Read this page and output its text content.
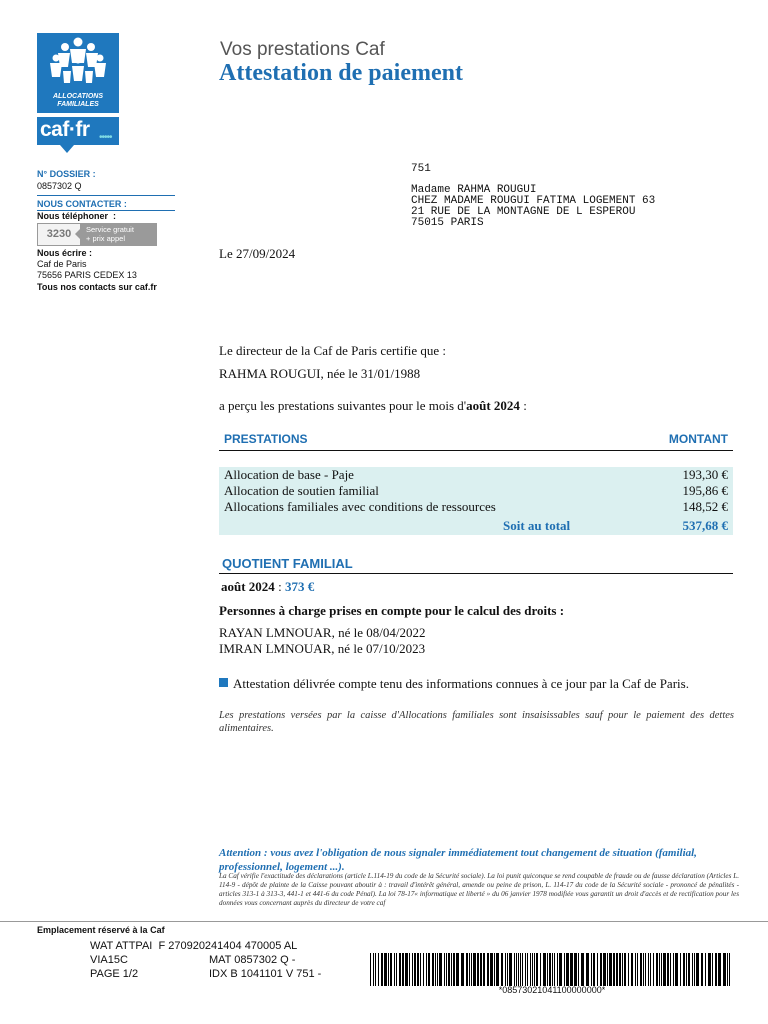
ALLOCATIONS
FAMILIALES
caf·fr •••••
Vos prestations Caf
Attestation de paiement
N° DOSSIER :
0857302 Q
NOUS CONTACTER :
Nous téléphoner  :
3230	Service gratuit
+ prix appel
Nous écrire :
Caf de Paris
75656 PARIS CEDEX 13
Tous nos contacts sur caf.fr
751
Madame RAHMA ROUGUI
CHEZ MADAME ROUGUI FATIMA LOGEMENT 63
21 RUE DE LA MONTAGNE DE L ESPEROU
75015 PARIS
Le 27/09/2024
Le directeur de la Caf de Paris certifie que :
RAHMA ROUGUI, née le 31/01/1988
a perçu les prestations suivantes pour le mois d'août 2024 :
PRESTATIONS	MONTANT
Allocation de base - Paje	193,30 €
Allocation de soutien familial	195,86 €
Allocations familiales avec conditions de ressources	148,52 €
Soit au total	537,68 €
QUOTIENT FAMILIAL
août 2024 : 373 €
Personnes à charge prises en compte pour le calcul des droits :
RAYAN LMNOUAR, né le 08/04/2022
IMRAN LMNOUAR, né le 07/10/2023
Attestation délivrée compte tenu des informations connues à ce jour par la Caf de Paris.
Les prestations versées par la caisse d'Allocations familiales sont insaisissables sauf pour le paiement des dettes alimentaires.
Attention : vous avez l'obligation de nous signaler immédiatement tout changement de situation (familial, professionnel, logement ...).
La Caf vérifie l'exactitude des déclarations (article L.114-19 du code de la Sécurité sociale). La loi punit quiconque se rend coupable de fraude ou de fausse déclaration (Articles L. 114-9 - dépôt de plainte de la Caisse pouvant aboutir à : travail d'intérêt général, amende ou peine de prison, L. 114-17 du code de la Sécurité sociale - prononcé de pénalités - articles 313-1 à 313-3, 441-1 et 441-6 du code Pénal). La loi 78-17« informatique et liberté » du 06 janvier 1978 modifiée vous garantit un droit d'accès et de rectification pour les données vous concernant auprès du directeur de votre caf
Emplacement réservé à la Caf
WAT ATTPAI  F 270920241404 470005 AL
VIA15C	MAT 0857302 Q -
PAGE 1/2	IDX B 1041101 V 751 -
*08573021041100000000*
